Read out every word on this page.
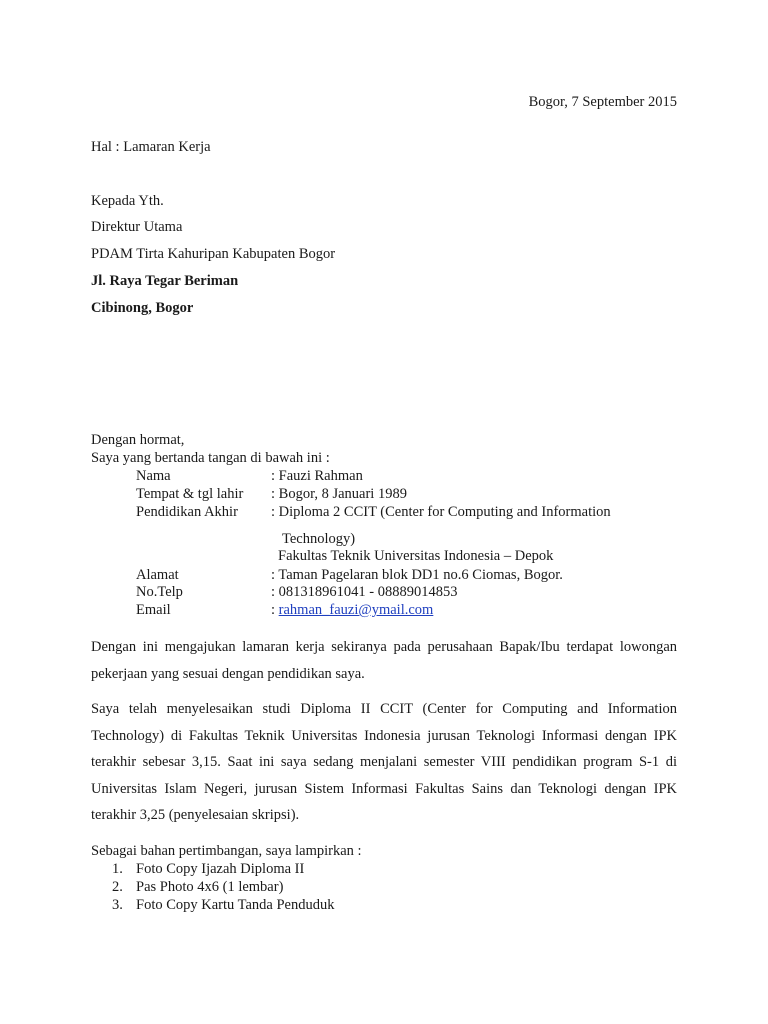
Bogor, 7 September 2015
Hal : Lamaran Kerja
Kepada Yth.
Direktur Utama
PDAM Tirta Kahuripan Kabupaten Bogor
Jl. Raya Tegar Beriman
Cibinong, Bogor
Dengan hormat,
Saya yang bertanda tangan di bawah ini :
Nama	: Fauzi Rahman
Tempat & tgl lahir : Bogor, 8 Januari 1989
Pendidikan Akhir : Diploma 2 CCIT (Center for Computing and Information
Technology)
Fakultas Teknik Universitas Indonesia – Depok
Alamat	: Taman Pagelaran blok DD1 no.6 Ciomas, Bogor.
No.Telp	: 081318961041 - 08889014853
Email	: rahman_fauzi@ymail.com
Dengan ini mengajukan lamaran kerja sekiranya pada perusahaan Bapak/Ibu terdapat lowongan pekerjaan yang sesuai dengan pendidikan saya.
Saya telah menyelesaikan studi Diploma II CCIT (Center for Computing and Information Technology) di Fakultas Teknik Universitas Indonesia jurusan Teknologi Informasi dengan IPK terakhir sebesar 3,15. Saat ini saya sedang menjalani semester VIII pendidikan program S-1 di Universitas Islam Negeri, jurusan Sistem Informasi Fakultas Sains dan Teknologi dengan IPK terakhir 3,25 (penyelesaian skripsi).
Sebagai bahan pertimbangan, saya lampirkan :
1. Foto Copy Ijazah Diploma II
2. Pas Photo 4x6 (1 lembar)
3. Foto Copy Kartu Tanda Penduduk
